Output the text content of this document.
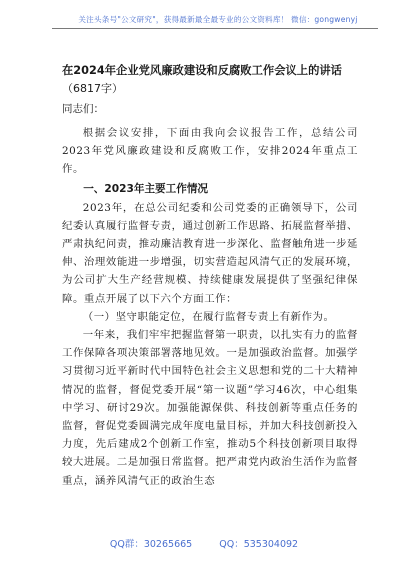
关注头条号"公文研究"，获得最新最全最专业的公文资料库！ 微信：gongwenyj
在2024年企业党风廉政建设和反腐败工作会议上的讲话
（6817字）
同志们：

根据会议安排，下面由我向会议报告工作，总结公司2023年党风廉政建设和反腐败工作，安排2024年重点工作。

一、2023年主要工作情况

2023年，在总公司纪委和公司党委的正确领导下，公司纪委认真履行监督专责，通过创新工作思路、拓展监督举措、严肃执纪问责，推动廉洁教育进一步深化、监督触角进一步延伸、治理效能进一步增强，切实营造起风清气正的发展环境，为公司扩大生产经营规模、持续健康发展提供了坚强纪律保障。重点开展了以下六个方面工作：

（一）坚守职能定位，在履行监督专责上有新作为。

一年来，我们牢牢把握监督第一职责，以扎实有力的监督工作保障各项决策部署落地见效。一是加强政治监督。加强学习贯彻习近平新时代中国特色社会主义思想和党的二十大精神情况的监督，督促党委开展“第一议题”学习46次，中心组集中学习、研讨29次。加强能源保供、科技创新等重点任务的监督，督促党委圆满完成年度电量目标，并加大科技创新投入力度，先后建成2个创新工作室，推动5个科技创新项目取得较大进展。二是加强日常监督。把严肃党内政治生活作为监督重点，涵养风清气正的政治生态

QQ群：30265665	QQ：535304092
